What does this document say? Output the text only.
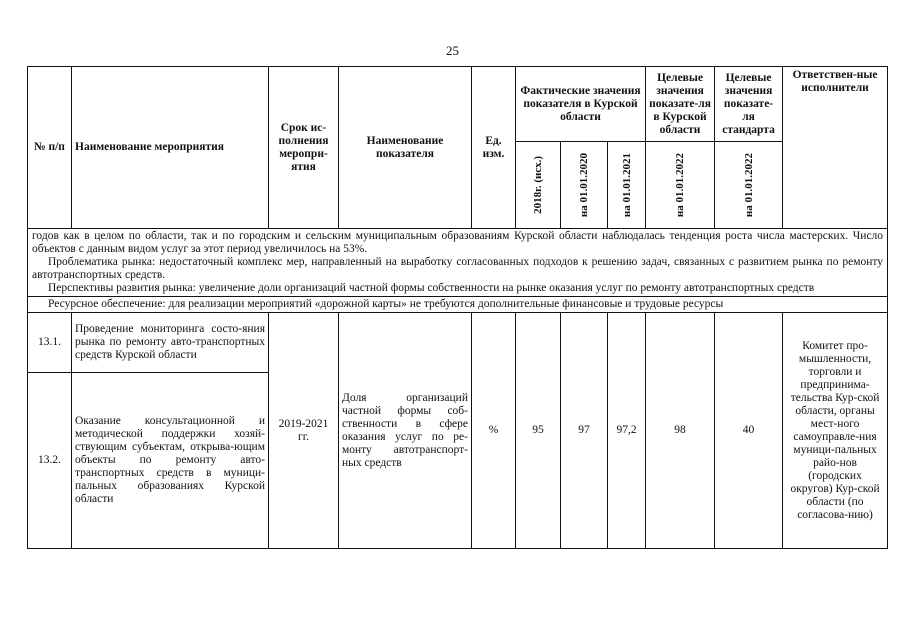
25
№ п/п	Наименование мероприятия	Срок ис-полнения меропри-ятия	Наименование показателя	Ед. изм.	Фактические значения показателя в Курской области			Целевые значения показате-ля в Курской области	Целевые значения показате-ля стандарта	Ответствен-ные исполнители

					2018г. (исх.)	на 01.01.2020	на 01.01.2021	на 01.01.2022	на 01.01.2022	

годов как в целом по области, так и по городским и сельским муниципальным образованиям Курской области наблюдалась тенденция роста числа мастерских. Число объектов с данным видом услуг за этот период увеличилось на 53%.

Проблематика рынка: недостаточный комплекс мер, направленный на выработку согласованных подходов к решению задач, связанных с развитием рынка по ремонту автотранспортных средств.

Перспективы развития рынка: увеличение доли организаций частной формы собственности на рынке оказания услуг по ремонту автотранспортных средств										

Ресурсное обеспечение: для реализации мероприятий «дорожной карты» не требуются дополнительные финансовые и трудовые ресурсы										
13.1.	Проведение мониторинга состо-яния рынка по ремонту авто-транспортных средств Курской области	2019-2021 гг.	Доля организаций частной формы соб-ственности в сфере оказания услуг по ре-монту автотранспорт-ных средств	%	95	97	97,2	98	40	Комитет про-мышленности, торговли и предпринима-тельства Кур-ской области, органы мест-ного самоуправле-ния муници-пальных райо-нов (городских округов) Кур-ской области (по согласова-нию)
13.2.	Оказание консультационной и методической поддержки хозяй-ствующим субъектам, открыва-ющим объекты по ремонту авто-транспортных средств в муници-пальных образованиях Курской области									
